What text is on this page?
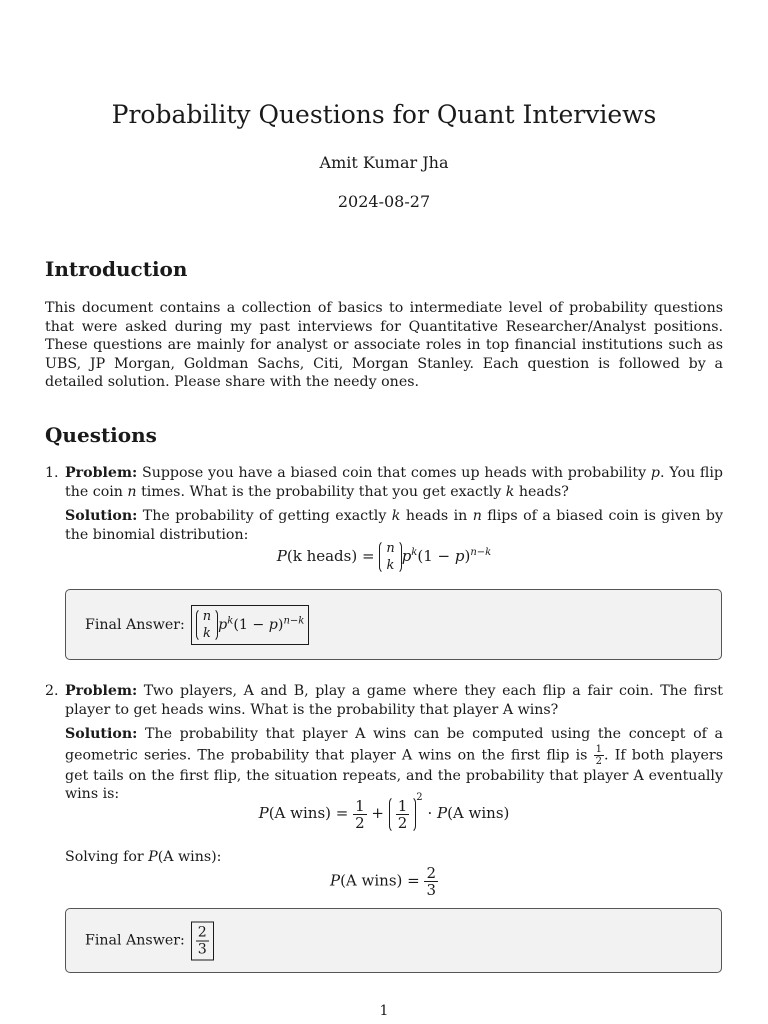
Probability Questions for Quant Interviews
Amit Kumar Jha
2024-08-27
Introduction

This document contains a collection of basics to intermediate level of probability questions that were asked during my past interviews for Quantitative Researcher/Analyst positions. These questions are mainly for analyst or associate roles in top financial institutions such as UBS, JP Morgan, Goldman Sachs, Citi, Morgan Stanley. Each question is followed by a detailed solution. Please share with the needy ones.

Questions
1. Problem: Suppose you have a biased coin that comes up heads with probability p. You flip the coin n times. What is the probability that you get exactly k heads?

Solution: The probability of getting exactly k heads in n flips of a biased coin is given by the binomial distribution:

P(k heads) = n
k
$p^k(1 - p)^{n-k}$
Final Answer:
n
k
$p^k(1 - p)^{n-k}$
2. Problem: Two players, A and B, play a game where they each flip a fair coin. The first player to get heads wins. What is the probability that player A wins?

Solution: The probability that player A wins can be computed using the concept of a geometric series. The probability that player A wins on the first flip is $\frac{1}{2}$ . If both players get tails on the first flip, the situation repeats, and the probability that player A eventually wins is:

P(A wins) = $\frac{1}{2} + \frac{1}{2} ^2 \cdot P(A$ wins)
Solving for P(A wins):
P(A wins) = $\frac{2}{3}$
Final Answer: $\frac{2}{3}$
1
